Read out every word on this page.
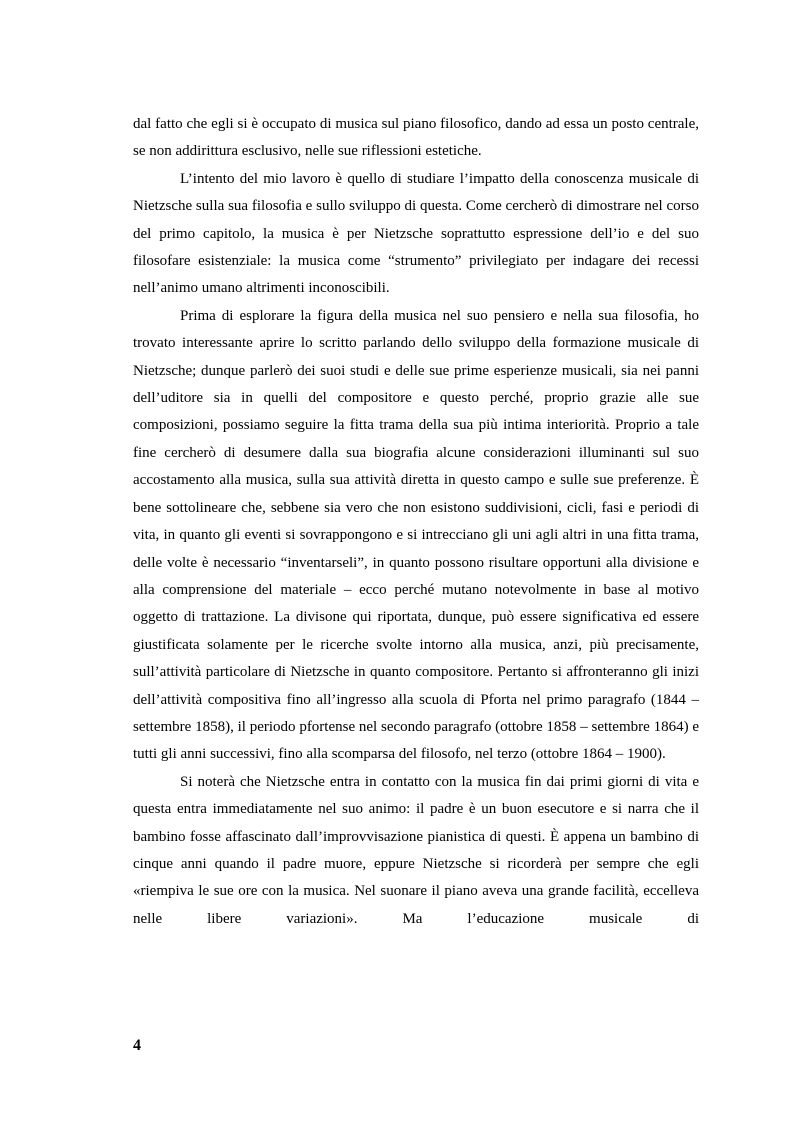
dal fatto che egli si è occupato di musica sul piano filosofico, dando ad essa un posto centrale, se non addirittura esclusivo, nelle sue riflessioni estetiche.

L’intento del mio lavoro è quello di studiare l’impatto della conoscenza musicale di Nietzsche sulla sua filosofia e sullo sviluppo di questa. Come cercherò di dimostrare nel corso del primo capitolo, la musica è per Nietzsche soprattutto espressione dell’io e del suo filosofare esistenziale: la musica come “strumento” privilegiato per indagare dei recessi nell’animo umano altrimenti inconoscibili.

Prima di esplorare la figura della musica nel suo pensiero e nella sua filosofia, ho trovato interessante aprire lo scritto parlando dello sviluppo della formazione musicale di Nietzsche; dunque parlerò dei suoi studi e delle sue prime esperienze musicali, sia nei panni dell’uditore sia in quelli del compositore e questo perché, proprio grazie alle sue composizioni, possiamo seguire la fitta trama della sua più intima interiorità. Proprio a tale fine cercherò di desumere dalla sua biografia alcune considerazioni illuminanti sul suo accostamento alla musica, sulla sua attività diretta in questo campo e sulle sue preferenze. È bene sottolineare che, sebbene sia vero che non esistono suddivisioni, cicli, fasi e periodi di vita, in quanto gli eventi si sovrappongono e si intrecciano gli uni agli altri in una fitta trama, delle volte è necessario “inventarseli”, in quanto possono risultare opportuni alla divisione e alla comprensione del materiale – ecco perché mutano notevolmente in base al motivo oggetto di trattazione. La divisone qui riportata, dunque, può essere significativa ed essere giustificata solamente per le ricerche svolte intorno alla musica, anzi, più precisamente, sull’attività particolare di Nietzsche in quanto compositore. Pertanto si affronteranno gli inizi dell’attività compositiva fino all’ingresso alla scuola di Pforta nel primo paragrafo (1844 – settembre 1858), il periodo pfortense nel secondo paragrafo (ottobre 1858 – settembre 1864) e tutti gli anni successivi, fino alla scomparsa del filosofo, nel terzo (ottobre 1864 – 1900).

Si noterà che Nietzsche entra in contatto con la musica fin dai primi giorni di vita e questa entra immediatamente nel suo animo: il padre è un buon esecutore e si narra che il bambino fosse affascinato dall’improvvisazione pianistica di questi. È appena un bambino di cinque anni quando il padre muore, eppure Nietzsche si ricorderà per sempre che egli «riempiva le sue ore con la musica. Nel suonare il piano aveva una grande facilità, eccelleva nelle libere variazioni». Ma l’educazione musicale di

4
